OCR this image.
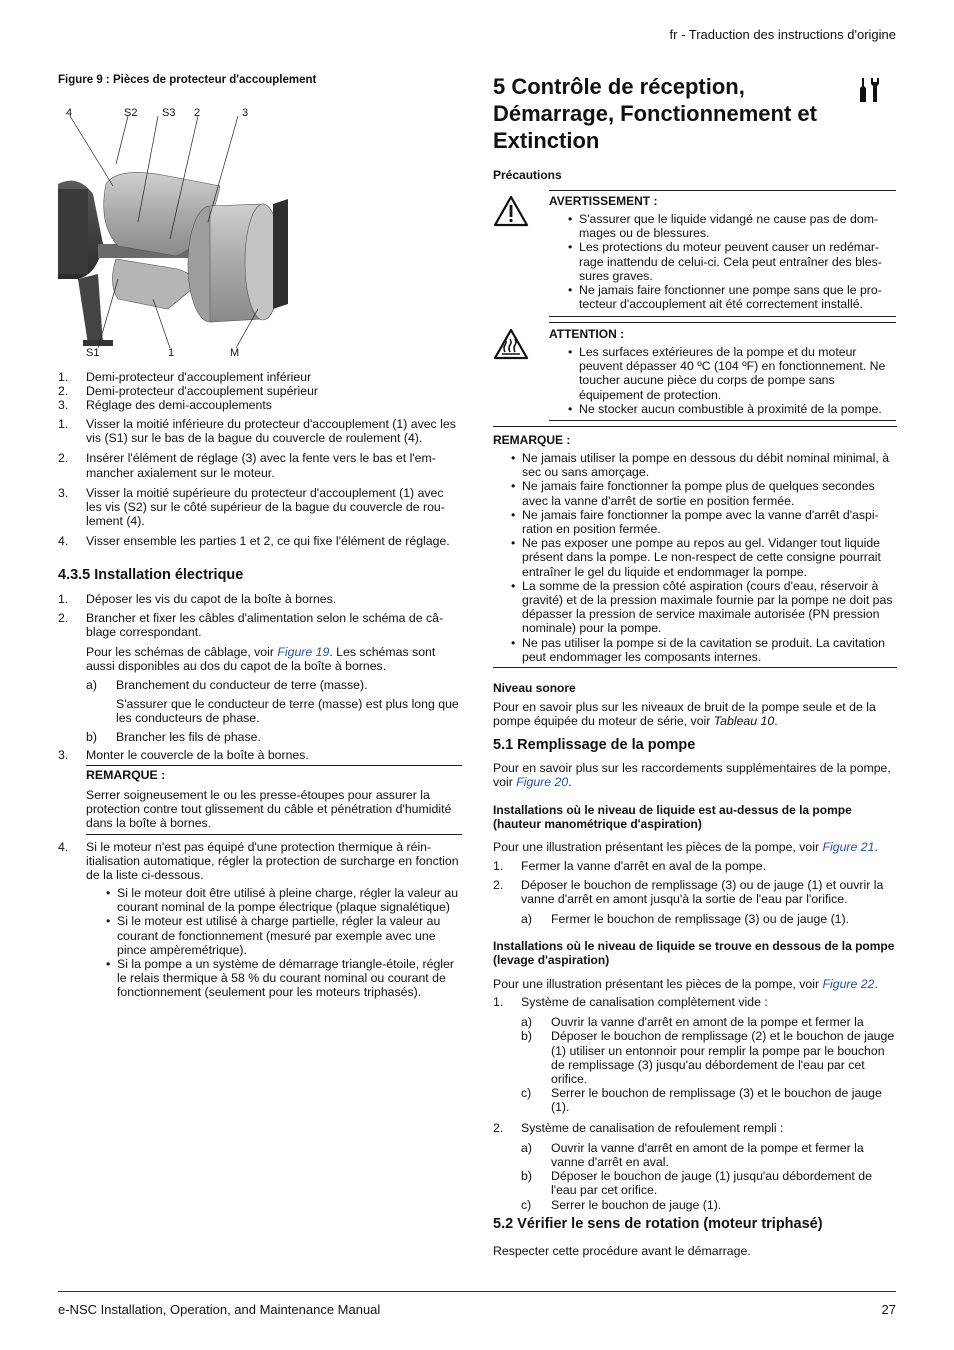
fr - Traduction des instructions d'origine
Figure 9 : Pièces de protecteur d'accouplement
4	S2 S3 2	3
S1	1	M
1. Demi-protecteur d'accouplement inférieur
2. Demi-protecteur d'accouplement supérieur
3. Réglage des demi-accouplements
1. Visser la moitié inférieure du protecteur d'accouplement (1) avec les vis (S1) sur le bas de la bague du couvercle de roulement (4).
2. Insérer l'élément de réglage (3) avec la fente vers le bas et l'emmancher axialement sur le moteur.
3. Visser la moitié supérieure du protecteur d'accouplement (1) avec les vis (S2) sur le côté supérieur de la bague du couvercle de roulement (4).
4. Visser ensemble les parties 1 et 2, ce qui fixe l'élément de réglage.
4.3.5 Installation électrique
1. Déposer les vis du capot de la boîte à bornes.
2. Brancher et fixer les câbles d'alimentation selon le schéma de câblage correspondant.
Pour les schémas de câblage, voir Figure 19. Les schémas sont aussi disponibles au dos du capot de la boîte à bornes.
a) Branchement du conducteur de terre (masse).
S'assurer que le conducteur de terre (masse) est plus long que les conducteurs de phase.
b) Brancher les fils de phase.
3. Monter le couvercle de la boîte à bornes.
REMARQUE :
Serrer soigneusement le ou les presse-étoupes pour assurer la protection contre tout glissement du câble et pénétration d'humidité dans la boîte à bornes.
4. Si le moteur n'est pas équipé d'une protection thermique à réinitialisation automatique, régler la protection de surcharge en fonction de la liste ci-dessous.
• Si le moteur doit être utilisé à pleine charge, régler la valeur au courant nominal de la pompe électrique (plaque signalétique)
• Si le moteur est utilisé à charge partielle, régler la valeur au courant de fonctionnement (mesuré par exemple avec une pince ampèremétrique).
• Si la pompe a un système de démarrage triangle-étoile, régler le relais thermique à 58 % du courant nominal ou courant de fonctionnement (seulement pour les moteurs triphasés).
5 Contrôle de réception, Démarrage, Fonctionnement et Extinction
Précautions
AVERTISSEMENT :
• S'assurer que le liquide vidangé ne cause pas de dommages ou de blessures.
• Les protections du moteur peuvent causer un redémarrage inattendu de celui-ci. Cela peut entraîner des blessures graves.
• Ne jamais faire fonctionner une pompe sans que le protecteur d'accouplement ait été correctement installé.
ATTENTION :
• Les surfaces extérieures de la pompe et du moteur peuvent dépasser 40 ºC (104 ºF) en fonctionnement. Ne toucher aucune pièce du corps de pompe sans équipement de protection.
• Ne stocker aucun combustible à proximité de la pompe.
REMARQUE :
• Ne jamais utiliser la pompe en dessous du débit nominal minimal, à sec ou sans amorçage.
• Ne jamais faire fonctionner la pompe plus de quelques secondes avec la vanne d'arrêt de sortie en position fermée.
• Ne jamais faire fonctionner la pompe avec la vanne d'arrêt d'aspiration en position fermée.
• Ne pas exposer une pompe au repos au gel. Vidanger tout liquide présent dans la pompe. Le non-respect de cette consigne pourrait entraîner le gel du liquide et endommager la pompe.
• La somme de la pression côté aspiration (cours d'eau, réservoir à gravité) et de la pression maximale fournie par la pompe ne doit pas dépasser la pression de service maximale autorisée (PN pression nominale) pour la pompe.
• Ne pas utiliser la pompe si de la cavitation se produit. La cavitation peut endommager les composants internes.
Niveau sonore
Pour en savoir plus sur les niveaux de bruit de la pompe seule et de la pompe équipée du moteur de série, voir Tableau 10.
5.1 Remplissage de la pompe
Pour en savoir plus sur les raccordements supplémentaires de la pompe, voir Figure 20.
Installations où le niveau de liquide est au-dessus de la pompe (hauteur manométrique d'aspiration)
Pour une illustration présentant les pièces de la pompe, voir Figure 21.
1. Fermer la vanne d'arrêt en aval de la pompe.
2. Déposer le bouchon de remplissage (3) ou de jauge (1) et ouvrir la vanne d'arrêt en amont jusqu'à la sortie de l'eau par l'orifice.
a) Fermer le bouchon de remplissage (3) ou de jauge (1).
Installations où le niveau de liquide se trouve en dessous de la pompe (levage d'aspiration)
Pour une illustration présentant les pièces de la pompe, voir Figure 22.
1. Système de canalisation complètement vide :
a) Ouvrir la vanne d'arrêt en amont de la pompe et fermer la
b) Déposer le bouchon de remplissage (2) et le bouchon de jauge (1) utiliser un entonnoir pour remplir la pompe par le bouchon de remplissage (3) jusqu'au débordement de l'eau par cet orifice.
c) Serrer le bouchon de remplissage (3) et le bouchon de jauge (1).
2. Système de canalisation de refoulement rempli :
a) Ouvrir la vanne d'arrêt en amont de la pompe et fermer la vanne d'arrêt en aval.
b) Déposer le bouchon de jauge (1) jusqu'au débordement de l'eau par cet orifice.
c) Serrer le bouchon de jauge (1).
5.2 Vérifier le sens de rotation (moteur triphasé)
Respecter cette procédure avant le démarrage.
e-NSC Installation, Operation, and Maintenance Manual	27
